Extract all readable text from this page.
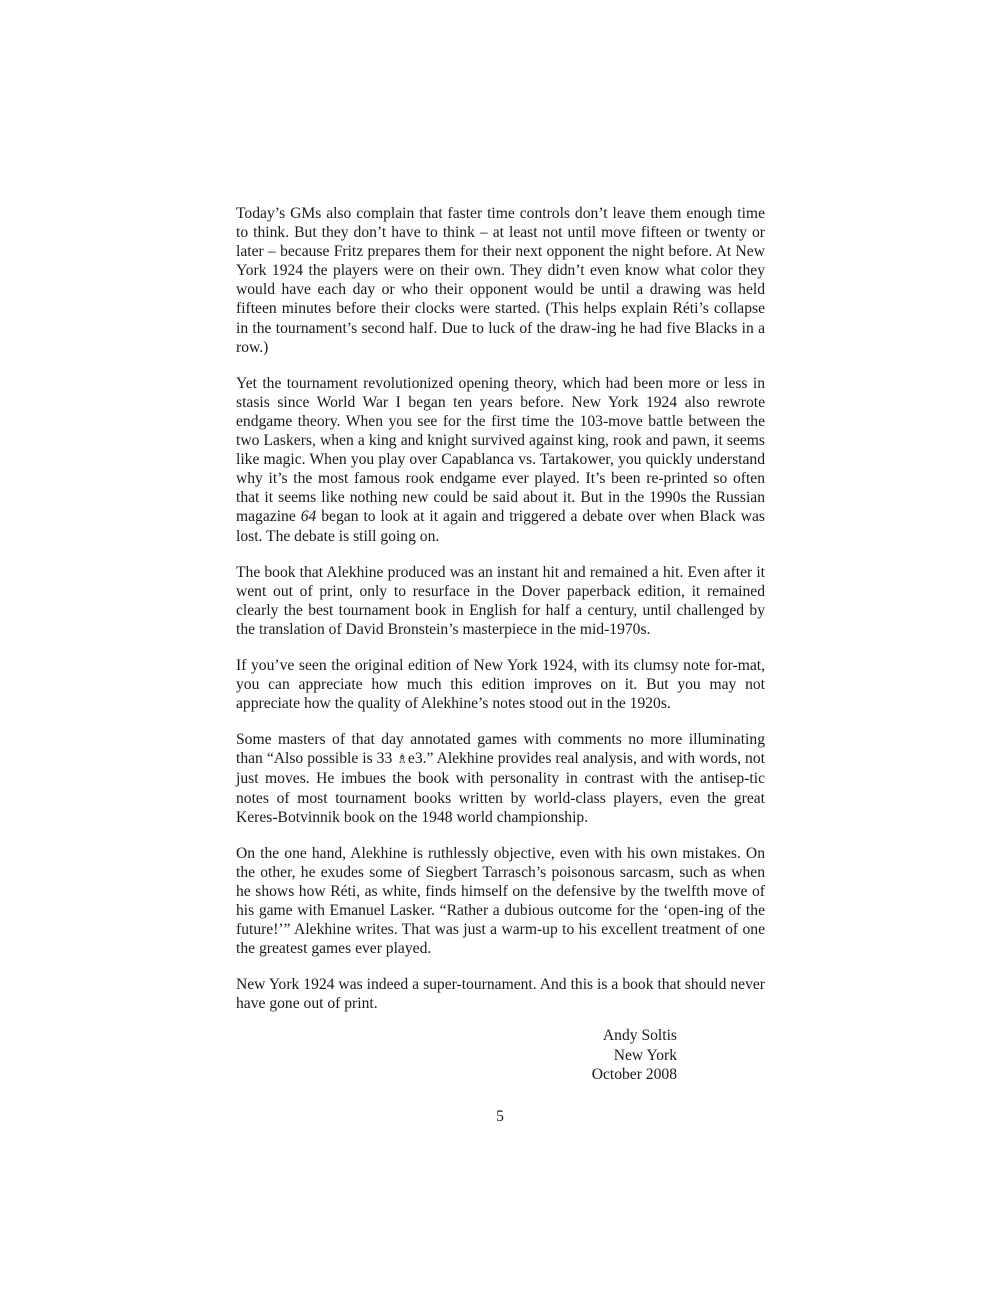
Today’s GMs also complain that faster time controls don’t leave them enough time to think. But they don’t have to think – at least not until move fifteen or twenty or later – because Fritz prepares them for their next opponent the night before. At New York 1924 the players were on their own. They didn’t even know what color they would have each day or who their opponent would be until a drawing was held fifteen minutes before their clocks were started. (This helps explain Réti’s collapse in the tournament’s second half. Due to luck of the draw-ing he had five Blacks in a row.)

Yet the tournament revolutionized opening theory, which had been more or less in stasis since World War I began ten years before. New York 1924 also rewrote endgame theory. When you see for the first time the 103-move battle between the two Laskers, when a king and knight survived against king, rook and pawn, it seems like magic. When you play over Capablanca vs. Tartakower, you quickly understand why it’s the most famous rook endgame ever played. It’s been re-printed so often that it seems like nothing new could be said about it. But in the 1990s the Russian magazine 64 began to look at it again and triggered a debate over when Black was lost. The debate is still going on.

The book that Alekhine produced was an instant hit and remained a hit. Even after it went out of print, only to resurface in the Dover paperback edition, it remained clearly the best tournament book in English for half a century, until challenged by the translation of David Bronstein’s masterpiece in the mid-1970s.

If you’ve seen the original edition of New York 1924, with its clumsy note for-mat, you can appreciate how much this edition improves on it. But you may not appreciate how the quality of Alekhine’s notes stood out in the 1920s.

Some masters of that day annotated games with comments no more illuminating than “Also possible is 33 ♗e3.” Alekhine provides real analysis, and with words, not just moves. He imbues the book with personality in contrast with the antisep-tic notes of most tournament books written by world-class players, even the great Keres-Botvinnik book on the 1948 world championship.

On the one hand, Alekhine is ruthlessly objective, even with his own mistakes. On the other, he exudes some of Siegbert Tarrasch’s poisonous sarcasm, such as when he shows how Réti, as white, finds himself on the defensive by the twelfth move of his game with Emanuel Lasker. “Rather a dubious outcome for the ‘open-ing of the future!’” Alekhine writes. That was just a warm-up to his excellent treatment of one the greatest games ever played.

New York 1924 was indeed a super-tournament. And this is a book that should never have gone out of print.

Andy Soltis
New York
October 2008
5
